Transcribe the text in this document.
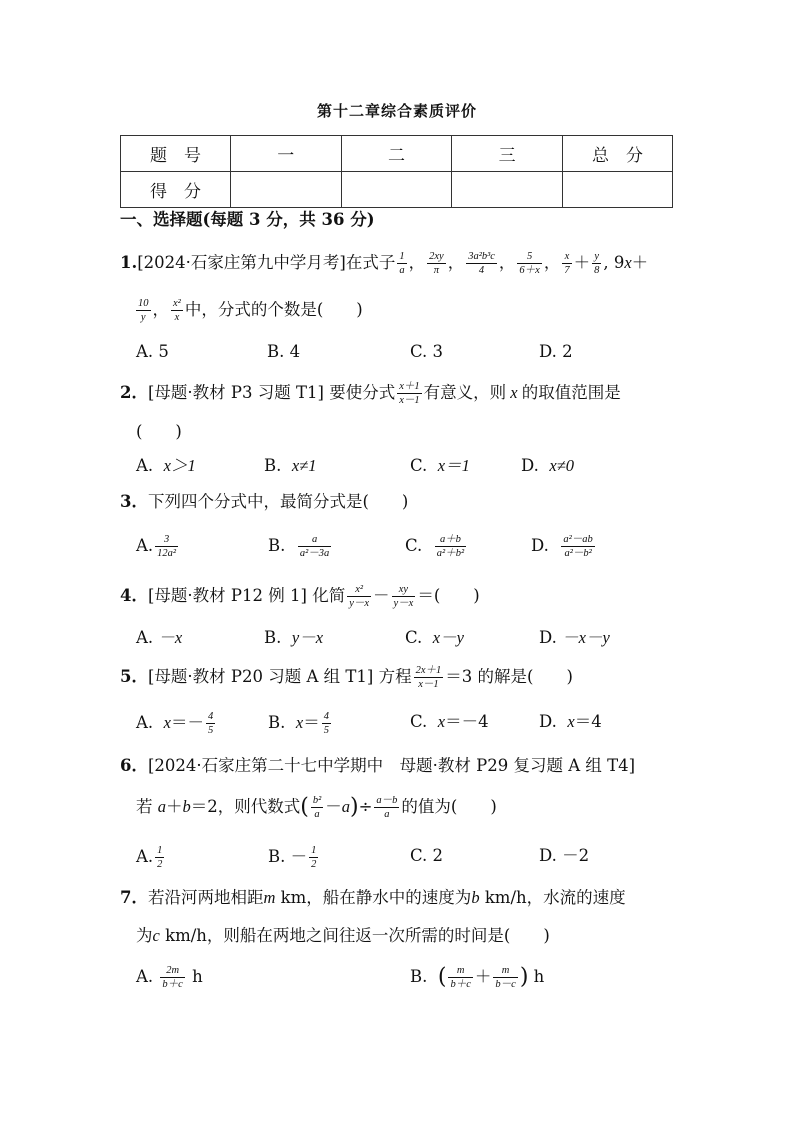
第十二章综合素质评价
题　号	一	二	三	总　分
得　分				
一、选择题(每题 3 分，共 36 分)
1.[2024·石家庄第九中学月考]在式子 $\frac{1}{a}$ ， $\frac{2xy}{\pi}$ ， $\frac{\text{3a²b³c}}{4}$ ， $\frac{5}{6+x}$ ， $\frac{x}{7} + \frac{y}{8}$ , 9x＋
$\frac{10}{y}$ ， $\frac{\text{x²}}{x}$ 中，分式的个数是(　　)
A. 5	B. 4	C. 3	D. 2
2．[母题·教材 P3 习题 T1] 要使分式 $\frac{x+1}{x-1}$ 有意义，则 x 的取值范围是
(　　)
A. x＞1	B. x≠1	C. x＝1	D. x≠0
3．下列四个分式中，最简分式是(　　)
A. $\frac{3}{\text{12a²}}$	B. $\frac{a}{\text{a²－3a}}$	C. $\frac{a+b}{\text{a²＋b²}}$	D. $\frac{\text{a²－ab}}{\text{a²－b²}}$
4．[母题·教材 P12 例 1] 化简 $\frac{\text{x²}}{y-x} - \frac{xy}{y-x}$ ＝(　　)
A. －x	B. y－x	C. x－y	D. －x－y
5．[母题·教材 P20 习题 A 组 T1] 方程 $\frac{2x+1}{x-1} =3$ 的解是(　　)
A. $x=- \frac{4}{5}$	B. $x= \frac{4}{5}$	C. x＝－4	D. x＝4
6．[2024·石家庄第二十七中学期中　母题·教材 P29 复习题 A 组 T4]
若 a＋b＝2，则代数式( $\frac{\text{b²}}{a} -a)\div \frac{a-b}{a}$ 的值为(　　)
A. $\frac{1}{2}$	B. － $\frac{1}{2}$	C. 2	D. －2
7．若沿河两地相距m km，船在静水中的速度为b km/h，水流的速度
为c km/h，则船在两地之间往返一次所需的时间是(　　)
A. $\frac{2m}{b+c}$ h	B. ( $\frac{m}{b+c} + \frac{m}{b-c}$ ) h
